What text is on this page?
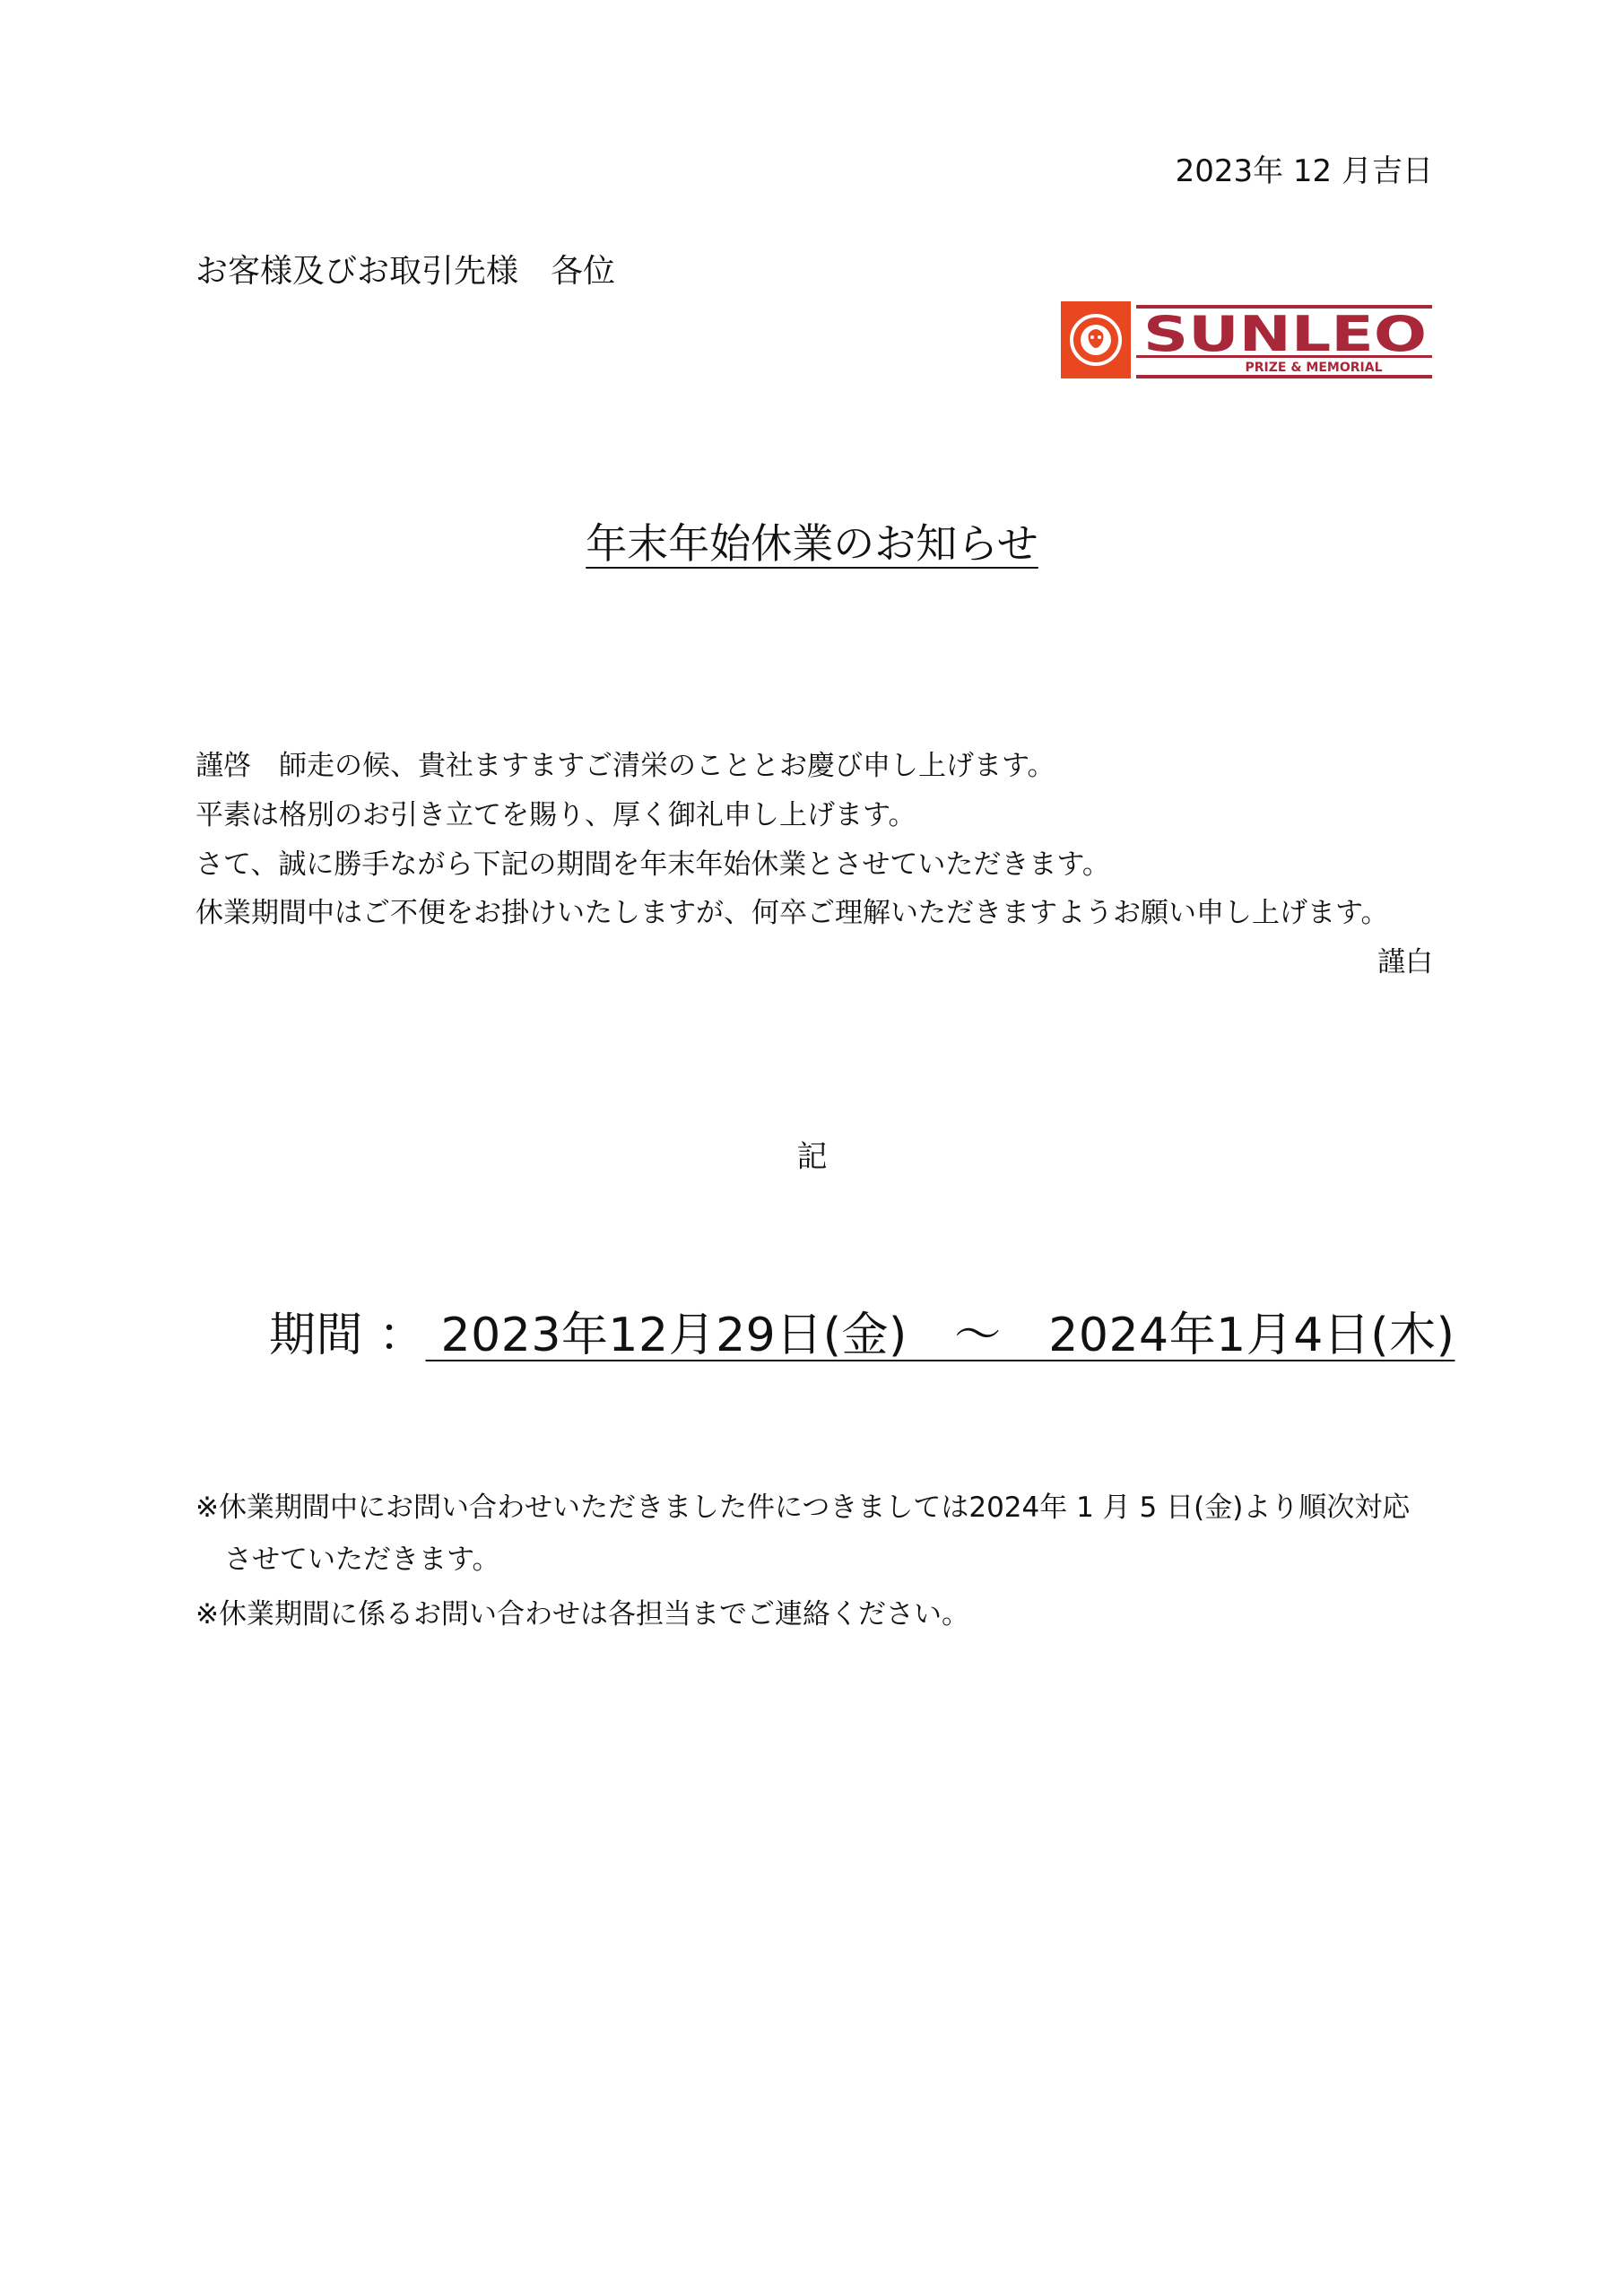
2023年 12 月吉日
お客様及びお取引先様　各位
SUNLEO
PRIZE & MEMORIAL
年末年始休業のお知らせ
謹啓　師走の候、貴社ますますご清栄のこととお慶び申し上げます。
平素は格別のお引き立てを賜り、厚く御礼申し上げます。
さて、誠に勝手ながら下記の期間を年末年始休業とさせていただきます。
休業期間中はご不便をお掛けいたしますが、何卒ご理解いただきますようお願い申し上げます。
謹白
記
期間 ： 2023年12月29日(金)　～　2024年1月4日(木)
※休業期間中にお問い合わせいただきました件につきましては2024年 1 月 5 日(金)より順次対応
させていただきます。
※休業期間に係るお問い合わせは各担当までご連絡ください。
